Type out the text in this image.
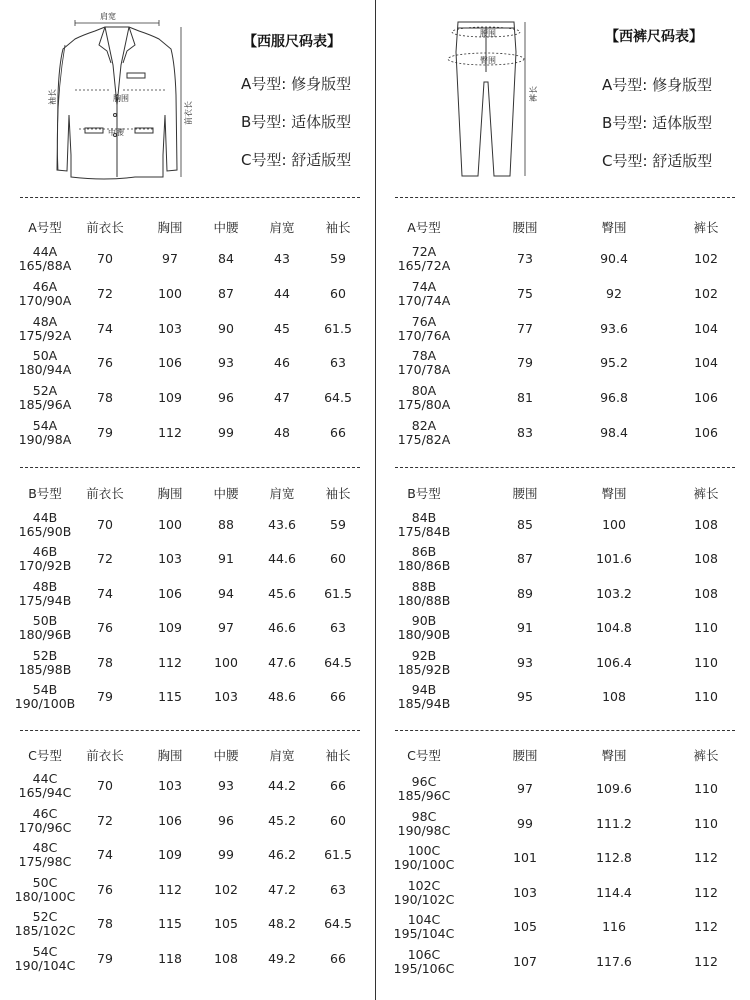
肩宽
胸围
中腰
袖长
前衣长
【西服尺码表】
A号型: 修身版型
B号型: 适体版型
C号型: 舒适版型
腰围
臀围
裤长
【西裤尺码表】
A号型: 修身版型
B号型: 适体版型
C号型: 舒适版型
A号型 前衣长	胸围 中腰 肩宽 袖长
44A
165/88A 70	97	84	43	59
46A
170/90A 72	100	87	44	60
48A
175/92A 74	103	90	45	61.5
50A
180/94A 76	106	93	46	63
52A
185/96A 78	109	96	47	64.5
54A
190/98A 79	112	99	48	66
B号型 前衣长	胸围 中腰 肩宽 袖长
44B
165/90B 70	100	88	43.6	59
46B
170/92B 72	103	91	44.6	60
48B
175/94B 74	106	94	45.6 61.5
50B
180/96B 76	109	97	46.6	63
52B
185/98B 78	112	100 47.6 64.5
54B
190/100B 79	115	103 48.6	66
C号型 前衣长	胸围 中腰 肩宽 袖长
44C
165/94C 70	103	93	44.2	66
46C
170/96C 72	106	96	45.2	60
48C
175/98C 74	109	99	46.2 61.5
50C
180/100C 76	112	102 47.2	63
52C
185/102C 78	115	105 48.2 64.5
54C
190/104C 79	118	108 49.2	66
A号型	腰围	臀围	裤长
72A
165/72A	73	90.4	102
74A
170/74A	75	92	102
76A
170/76A	77	93.6	104
78A
170/78A	79	95.2	104
80A
175/80A	81	96.8	106
82A
175/82A	83	98.4	106
B号型	腰围	臀围	裤长
84B
175/84B	85	100	108
86B
180/86B	87	101.6	108
88B
180/88B	89	103.2	108
90B
180/90B	91	104.8	110
92B
185/92B	93	106.4	110
94B
185/94B	95	108	110
C号型	腰围	臀围	裤长
96C
185/96C	97	109.6	110
98C
190/98C	99	111.2	110
100C
190/100C	101	112.8	112
102C
190/102C	103	114.4	112
104C
195/104C	105	116	112
106C
195/106C	107	117.6	112
